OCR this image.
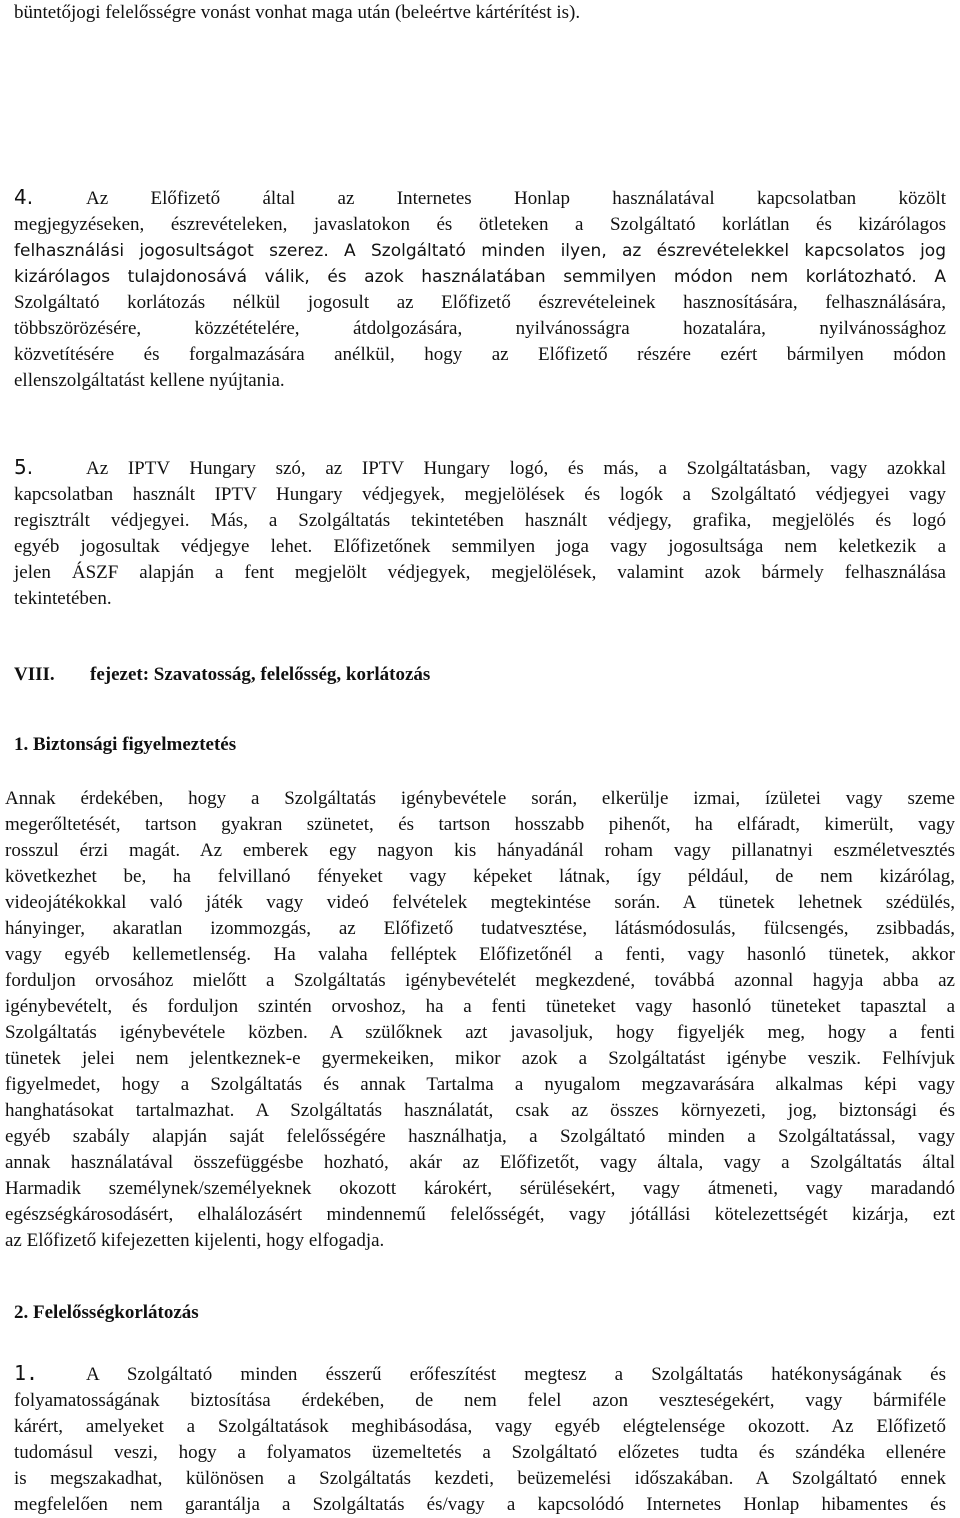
büntetőjogi felelősségre vonást vonhat maga után (beleértve kártérítést is).

4.	Az Előfizető által az Internetes Honlap használatával kapcsolatban közölt

megjegyzéseken, észrevételeken, javaslatokon és ötleteken a Szolgáltató korlátlan és kizárólagos

felhasználási jogosultságot szerez. A Szolgáltató minden ilyen, az észrevételekkel kapcsolatos jog

kizárólagos tulajdonosává válik, és azok használatában semmilyen módon nem korlátozható. A

Szolgáltató korlátozás nélkül jogosult az Előfizető észrevételeinek hasznosítására, felhasználására,

többszörözésére, közzétételére, átdolgozására, nyilvánosságra hozatalára, nyilvánossághoz

közvetítésére és forgalmazására anélkül, hogy az Előfizető részére ezért bármilyen módon

ellenszolgáltatást kellene nyújtania.

5.	Az IPTV Hungary szó, az IPTV Hungary logó, és más, a Szolgáltatásban, vagy azokkal

kapcsolatban használt IPTV Hungary védjegyek, megjelölések és logók a Szolgáltató védjegyei vagy

regisztrált védjegyei. Más, a Szolgáltatás tekintetében használt védjegy, grafika, megjelölés és logó

egyéb jogosultak védjegye lehet. Előfizetőnek semmilyen joga vagy jogosultsága nem keletkezik a

jelen ÁSZF alapján a fent megjelölt védjegyek, megjelölések, valamint azok bármely felhasználása

tekintetében.

VIII. fejezet: Szavatosság, felelősség, korlátozás

1. Biztonsági figyelmeztetés

Annak érdekében, hogy a Szolgáltatás igénybevétele során, elkerülje izmai, ízületei vagy szeme

megerőltetését, tartson gyakran szünetet, és tartson hosszabb pihenőt, ha elfáradt, kimerült, vagy

rosszul érzi magát. Az emberek egy nagyon kis hányadánál roham vagy pillanatnyi eszméletvesztés

következhet be, ha felvillanó fényeket vagy képeket látnak, így például, de nem kizárólag,

videojátékokkal való játék vagy videó felvételek megtekintése során. A tünetek lehetnek szédülés,

hányinger, akaratlan izommozgás, az Előfizető tudatvesztése, látásmódosulás, fülcsengés, zsibbadás,

vagy egyéb kellemetlenség. Ha valaha felléptek Előfizetőnél a fenti, vagy hasonló tünetek, akkor

forduljon orvosához mielőtt a Szolgáltatás igénybevételét megkezdené, továbbá azonnal hagyja abba az

igénybevételt, és forduljon szintén orvoshoz, ha a fenti tüneteket vagy hasonló tüneteket tapasztal a

Szolgáltatás igénybevétele közben. A szülőknek azt javasoljuk, hogy figyeljék meg, hogy a fenti

tünetek jelei nem jelentkeznek-e gyermekeiken, mikor azok a Szolgáltatást igénybe veszik. Felhívjuk

figyelmedet, hogy a Szolgáltatás és annak Tartalma a nyugalom megzavarására alkalmas képi vagy

hanghatásokat tartalmazhat. A Szolgáltatás használatát, csak az összes környezeti, jog, biztonsági és

egyéb szabály alapján saját felelősségére használhatja, a Szolgáltató minden a Szolgáltatással, vagy

annak használatával összefüggésbe hozható, akár az Előfizetőt, vagy általa, vagy a Szolgáltatás által

Harmadik személynek/személyeknek okozott károkért, sérülésekért, vagy átmeneti, vagy maradandó

egészségkárosodásért, elhalálozásért mindennemű felelősségét, vagy jótállási kötelezettségét kizárja, ezt

az Előfizető kifejezetten kijelenti, hogy elfogadja.

2. Felelősségkorlátozás

1.	A Szolgáltató minden ésszerű erőfeszítést megtesz a Szolgáltatás hatékonyságának és

folyamatosságának biztosítása érdekében, de nem felel azon veszteségekért, vagy bármiféle

kárért, amelyeket a Szolgáltatások meghibásodása, vagy egyéb elégtelensége okozott. Az Előfizető

tudomásul veszi, hogy a folyamatos üzemeltetés a Szolgáltató előzetes tudta és szándéka ellenére

is megszakadhat, különösen a Szolgáltatás kezdeti, beüzemelési időszakában. A Szolgáltató ennek

megfelelően nem garantálja a Szolgáltatás és/vagy a kapcsolódó Internetes Honlap hibamentes és
